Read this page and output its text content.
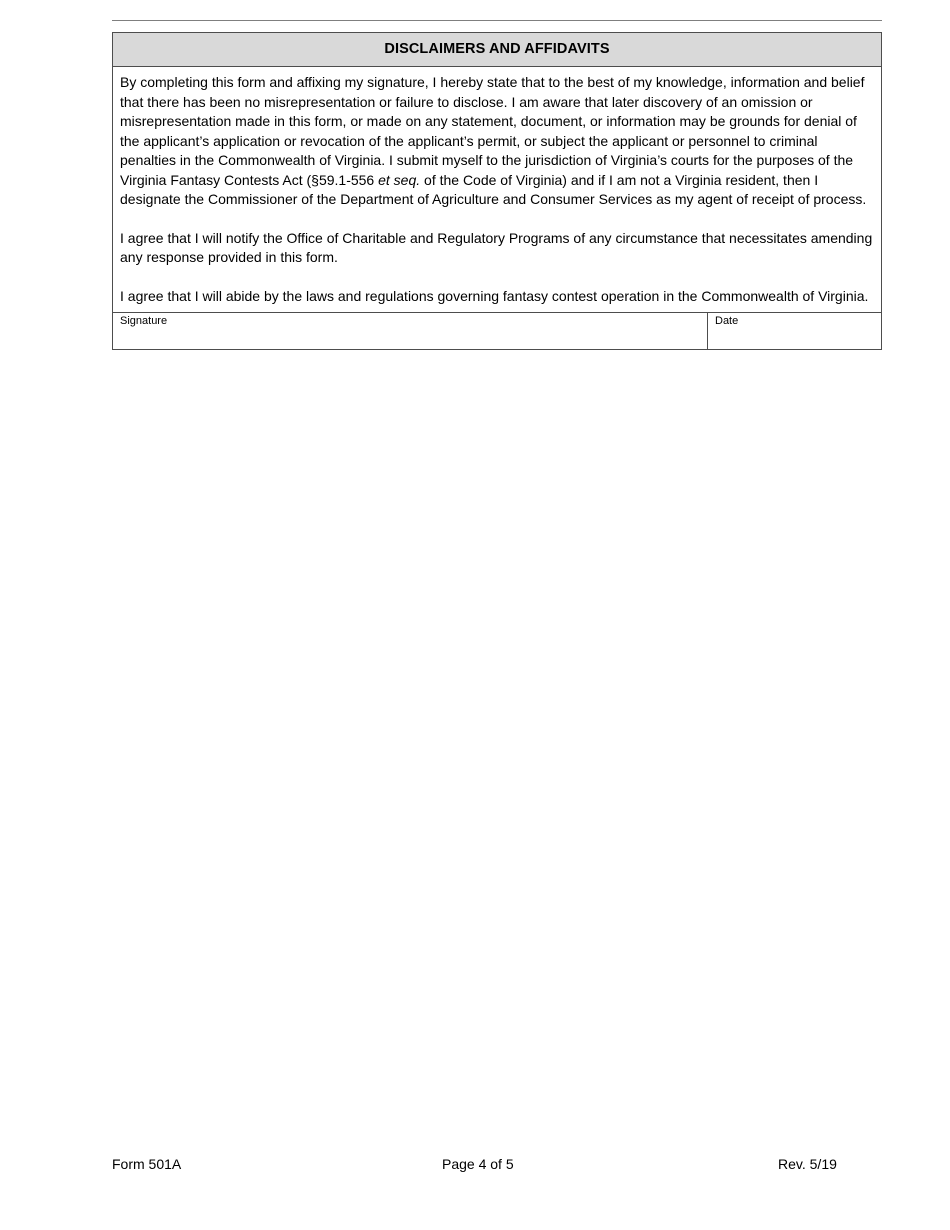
DISCLAIMERS AND AFFIDAVITS

By completing this form and affixing my signature, I hereby state that to the best of my knowledge, information and belief that there has been no misrepresentation or failure to disclose. I am aware that later discovery of an omission or misrepresentation made in this form, or made on any statement, document, or information may be grounds for denial of the applicant’s application or revocation of the applicant’s permit, or subject the applicant or personnel to criminal penalties in the Commonwealth of Virginia. I submit myself to the jurisdiction of Virginia’s courts for the purposes of the Virginia Fantasy Contests Act (§59.1-556 et seq. of the Code of Virginia) and if I am not a Virginia resident, then I designate the Commissioner of the Department of Agriculture and Consumer Services as my agent of receipt of process.

I agree that I will notify the Office of Charitable and Regulatory Programs of any circumstance that necessitates amending any response provided in this form.

I agree that I will abide by the laws and regulations governing fantasy contest operation in the Commonwealth of Virginia.

Signature	Date
Form 501A	Page 4 of 5	Rev. 5/19
